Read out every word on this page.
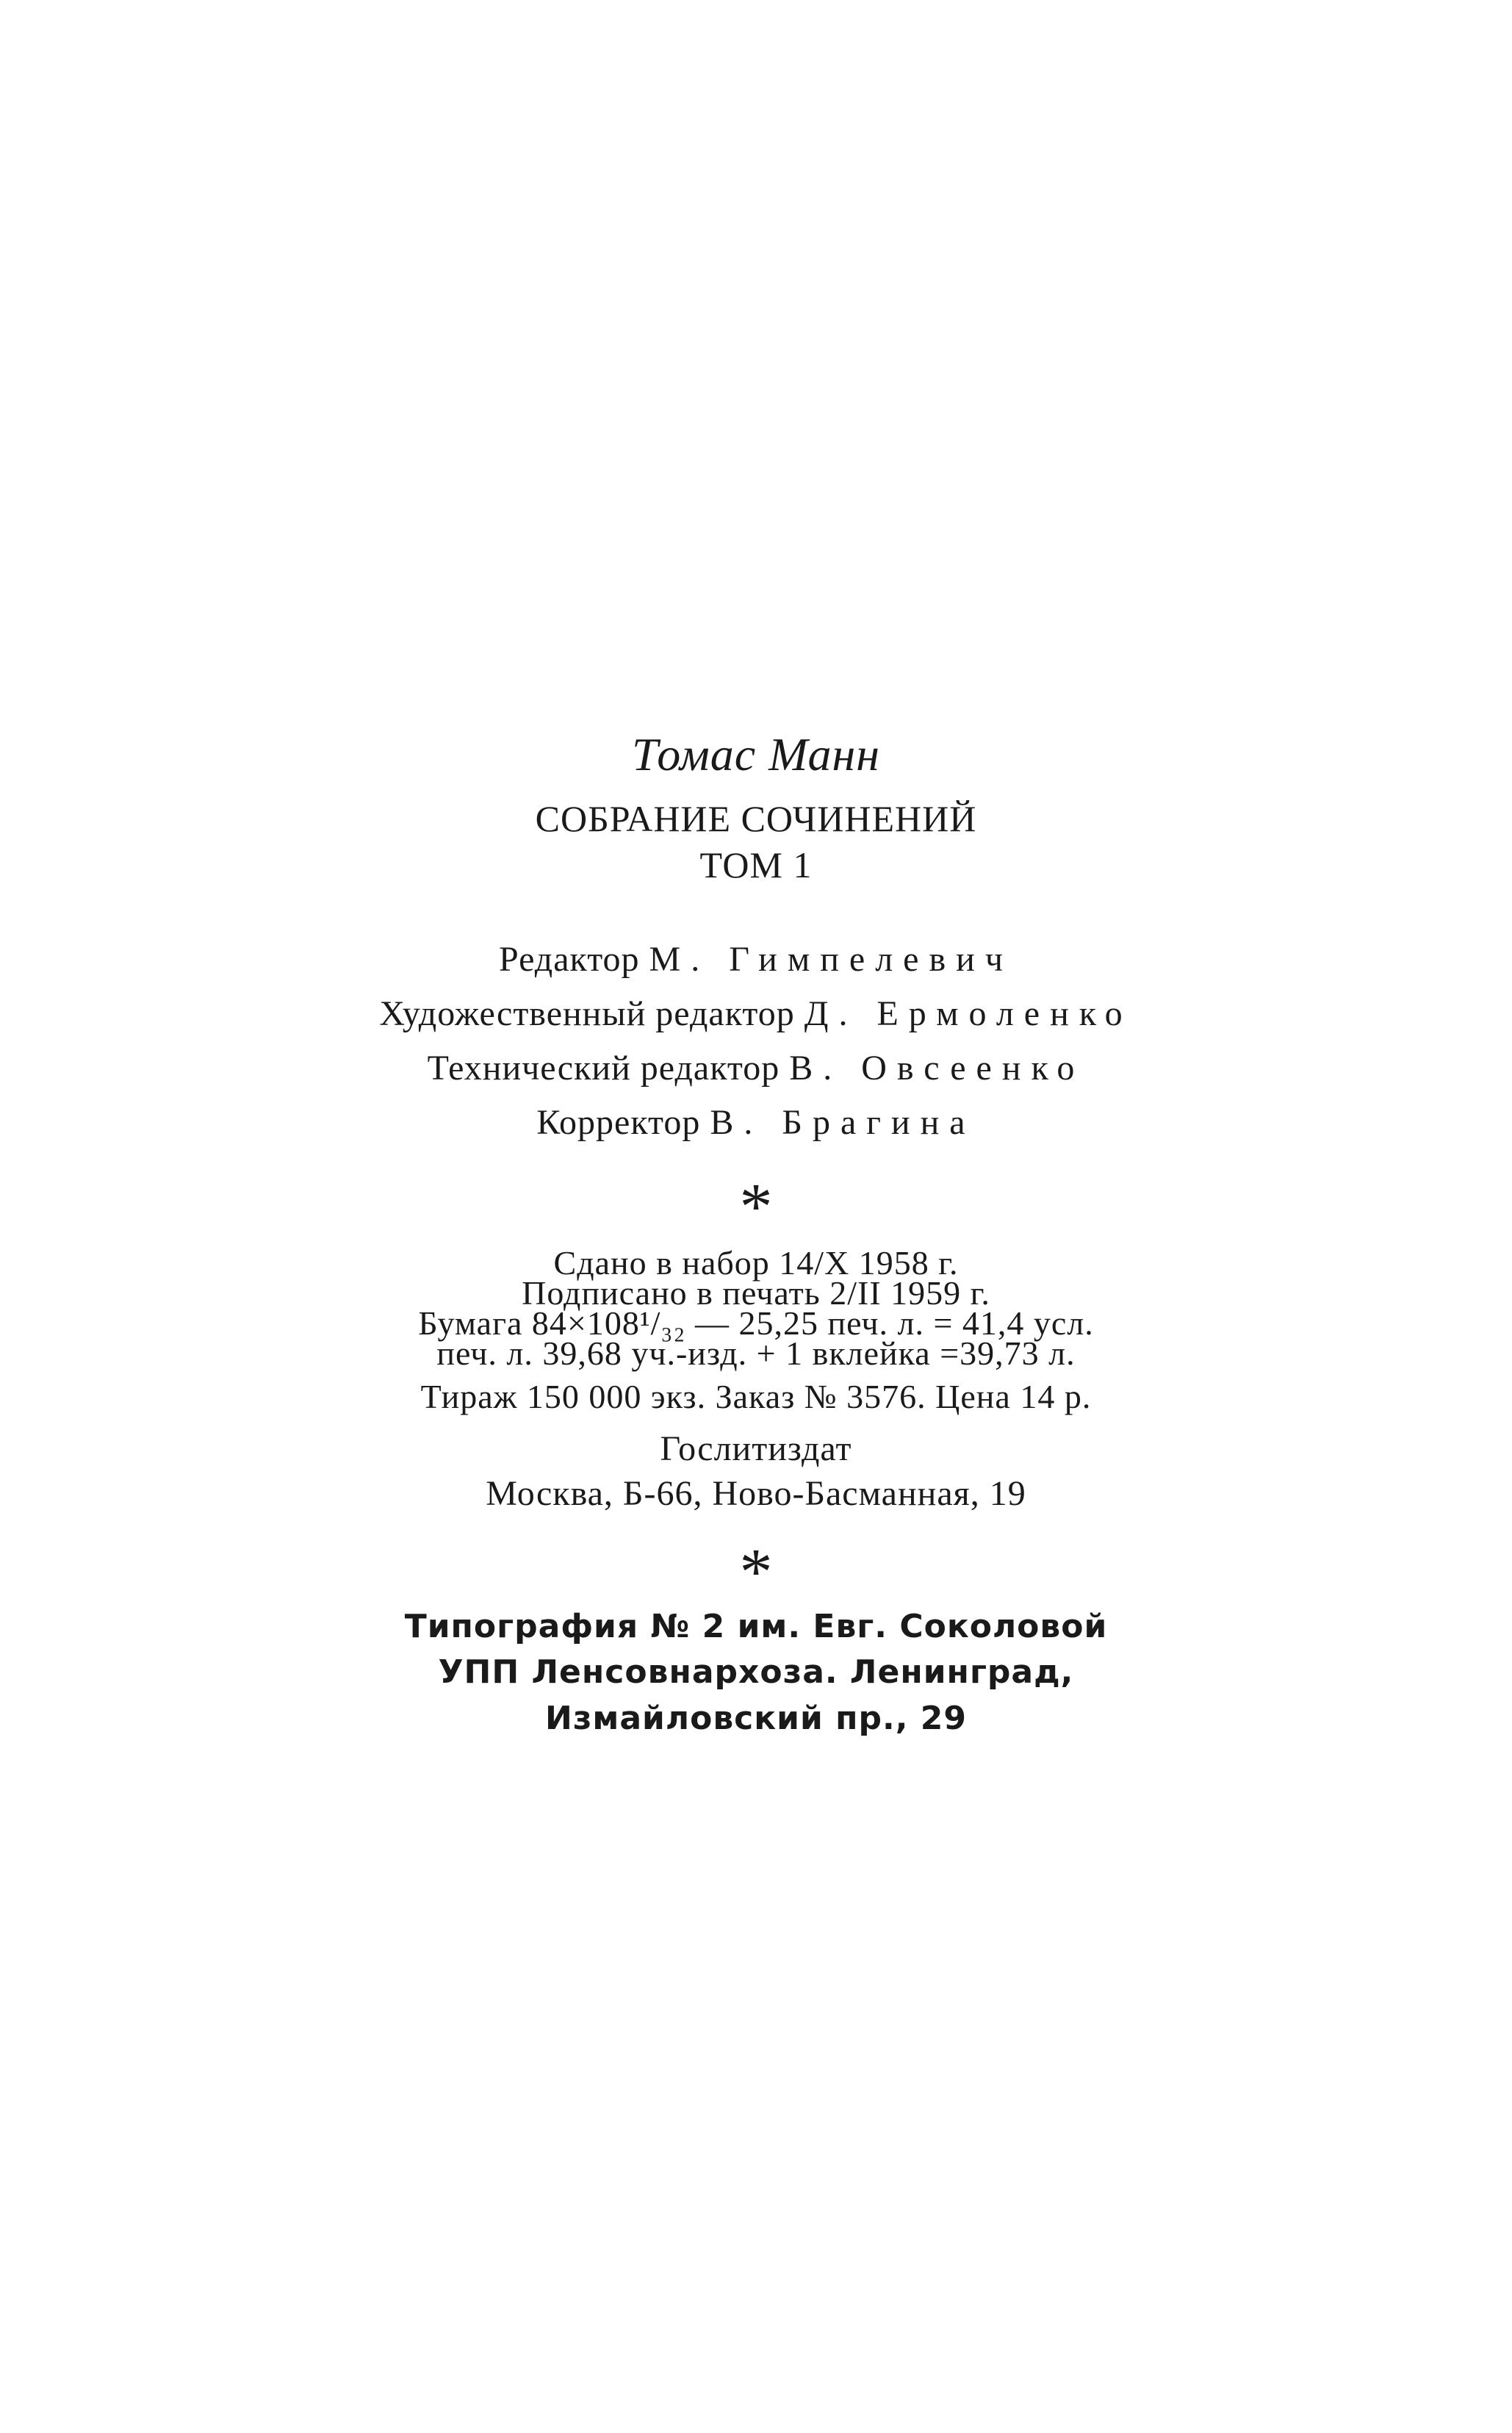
Томас Манн
СОБРАНИЕ СОЧИНЕНИЙ
ТОМ 1
Редактор М. Гимпелевич
Художественный редактор Д. Ермоленко
Технический редактор В. Овсеенко
Корректор В. Брагина
*
Сдано в набор 14/X 1958 г.
Подписано в печать 2/II 1959 г.
Бумага 84×108¹/₃₂ — 25,25 печ. л. = 41,4 усл.
печ. л. 39,68 уч.-изд. + 1 вклейка =39,73 л.
Тираж 150 000 экз. Заказ № 3576. Цена 14 р.
Гослитиздат
Москва, Б-66, Ново-Басманная, 19
*
Типография № 2 им. Евг. Соколовой
УПП Ленсовнархоза. Ленинград,
Измайловский пр., 29
